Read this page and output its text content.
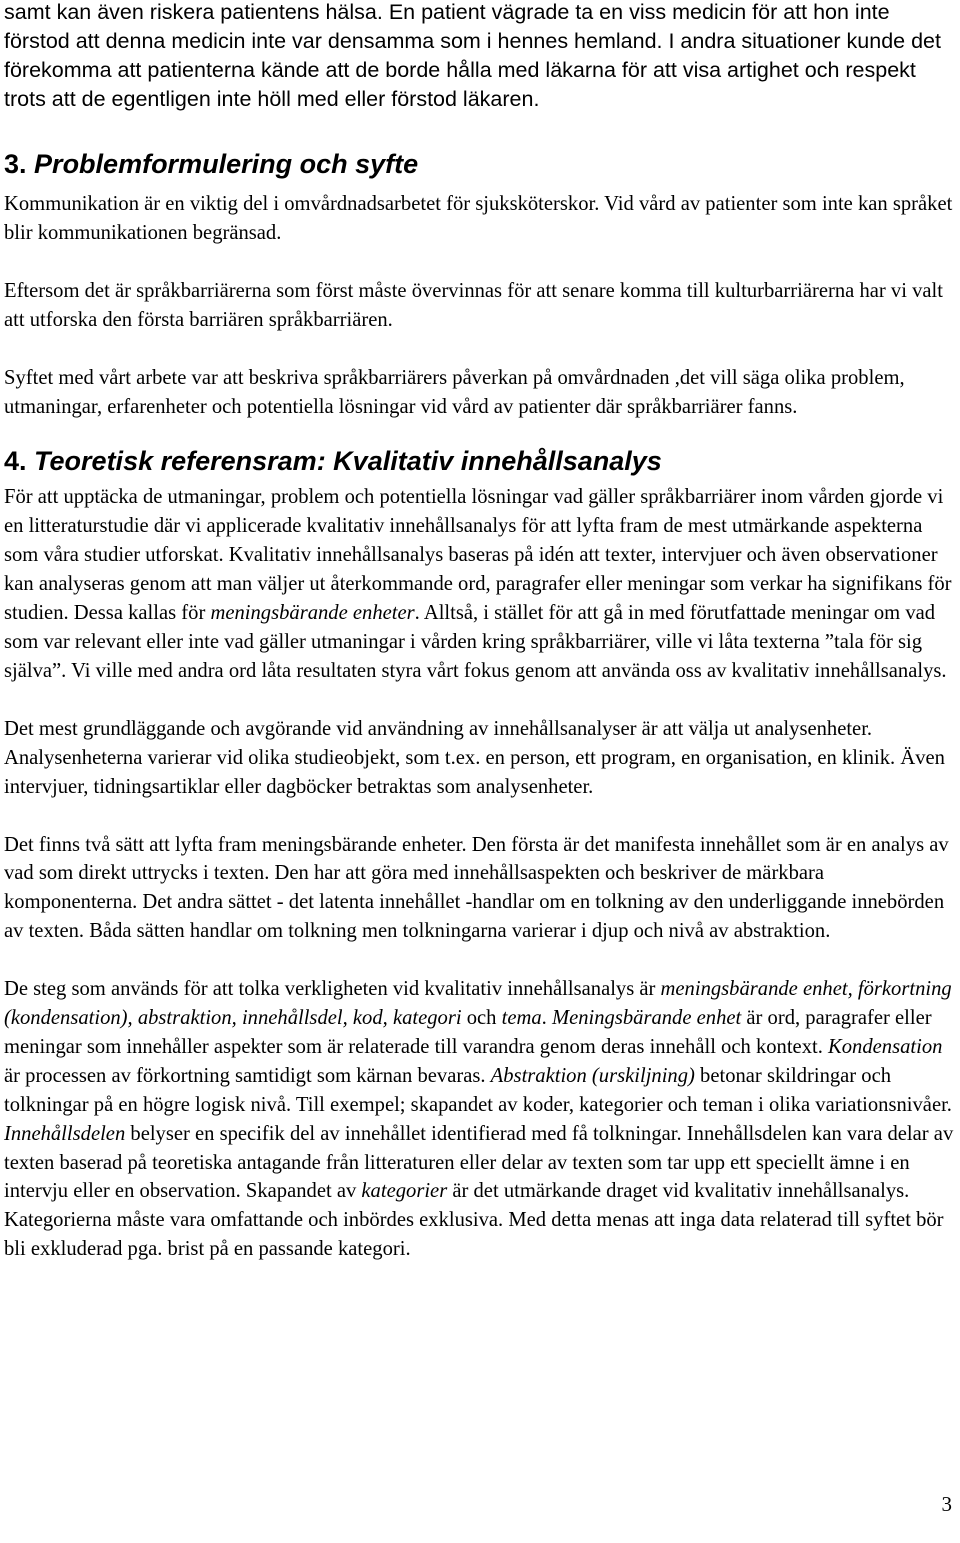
samt kan även riskera patientens hälsa. En patient vägrade ta en viss medicin för att hon inte förstod att denna medicin inte var densamma som i hennes hemland. I andra situationer kunde det förekomma att patienterna kände att de borde hålla med läkarna för att visa artighet och respekt trots att de egentligen inte höll med eller förstod läkaren.

3. Problemformulering och syfte

Kommunikation är en viktig del i omvårdnadsarbetet för sjuksköterskor. Vid vård av patienter som inte kan språket blir kommunikationen begränsad.

Eftersom det är språkbarriärerna som först måste övervinnas för att senare komma till kulturbarriärerna har vi valt att utforska den första barriären språkbarriären.

Syftet med vårt arbete var att beskriva språkbarriärers påverkan på omvårdnaden ,det vill säga olika problem, utmaningar, erfarenheter och potentiella lösningar vid vård av patienter där språkbarriärer fanns.

4. Teoretisk referensram: Kvalitativ innehållsanalys

För att upptäcka de utmaningar, problem och potentiella lösningar vad gäller språkbarriärer inom vården gjorde vi en litteraturstudie där vi applicerade kvalitativ innehållsanalys för att lyfta fram de mest utmärkande aspekterna som våra studier utforskat. Kvalitativ innehållsanalys baseras på idén att texter, intervjuer och även observationer kan analyseras genom att man väljer ut återkommande ord, paragrafer eller meningar som verkar ha signifikans för studien. Dessa kallas för meningsbärande enheter. Alltså, i stället för att gå in med förutfattade meningar om vad som var relevant eller inte vad gäller utmaningar i vården kring språkbarriärer, ville vi låta texterna ”tala för sig själva”. Vi ville med andra ord låta resultaten styra vårt fokus genom att använda oss av kvalitativ innehållsanalys.

Det mest grundläggande och avgörande vid användning av innehållsanalyser är att välja ut analysenheter. Analysenheterna varierar vid olika studieobjekt, som t.ex. en person, ett program, en organisation, en klinik. Även intervjuer, tidningsartiklar eller dagböcker betraktas som analysenheter.

Det finns två sätt att lyfta fram meningsbärande enheter. Den första är det manifesta innehållet som är en analys av vad som direkt uttrycks i texten. Den har att göra med innehållsaspekten och beskriver de märkbara komponenterna. Det andra sättet - det latenta innehållet -handlar om en tolkning av den underliggande innebörden av texten. Båda sätten handlar om tolkning men tolkningarna varierar i djup och nivå av abstraktion.

De steg som används för att tolka verkligheten vid kvalitativ innehållsanalys är meningsbärande enhet, förkortning (kondensation), abstraktion, innehållsdel, kod, kategori och tema. Meningsbärande enhet är ord, paragrafer eller meningar som innehåller aspekter som är relaterade till varandra genom deras innehåll och kontext. Kondensation är processen av förkortning samtidigt som kärnan bevaras. Abstraktion (urskiljning) betonar skildringar och tolkningar på en högre logisk nivå. Till exempel; skapandet av koder, kategorier och teman i olika variationsnivåer. Innehållsdelen belyser en specifik del av innehållet identifierad med få tolkningar. Innehållsdelen kan vara delar av texten baserad på teoretiska antagande från litteraturen eller delar av texten som tar upp ett speciellt ämne i en intervju eller en observation. Skapandet av kategorier är det utmärkande draget vid kvalitativ innehållsanalys. Kategorierna måste vara omfattande och inbördes exklusiva. Med detta menas att inga data relaterad till syftet bör bli exkluderad pga. brist på en passande kategori.

3
